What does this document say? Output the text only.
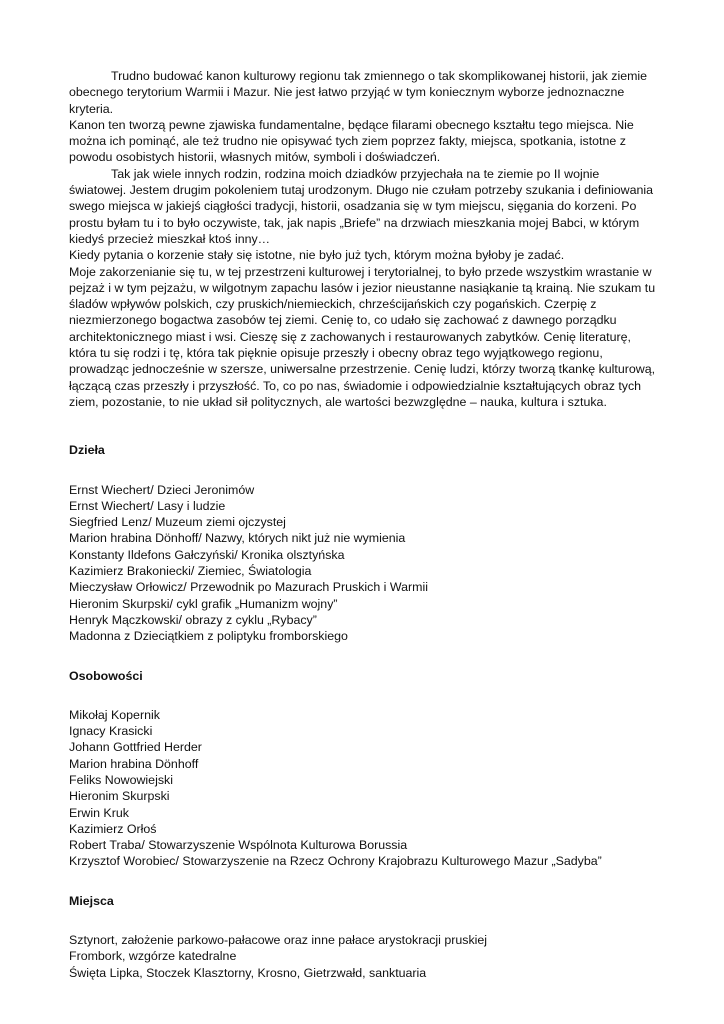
Trudno budować kanon kulturowy regionu tak zmiennego o tak skomplikowanej historii, jak ziemie obecnego terytorium Warmii i Mazur. Nie jest łatwo przyjąć w tym koniecznym wyborze jednoznaczne kryteria.

Kanon ten tworzą pewne zjawiska fundamentalne, będące filarami obecnego kształtu tego miejsca. Nie można ich pominąć, ale też trudno nie opisywać tych ziem poprzez fakty, miejsca, spotkania, istotne z powodu osobistych historii, własnych mitów, symboli i doświadczeń.

Tak jak wiele innych rodzin, rodzina moich dziadków przyjechała na te ziemie po II wojnie światowej. Jestem drugim pokoleniem tutaj urodzonym. Długo nie czułam potrzeby szukania i definiowania swego miejsca w jakiejś ciągłości tradycji, historii, osadzania się w tym miejscu, sięgania do korzeni. Po prostu byłam tu i to było oczywiste, tak, jak napis „Briefe” na drzwiach mieszkania mojej Babci, w którym kiedyś przecież mieszkał ktoś inny…

Kiedy pytania o korzenie stały się istotne, nie było już tych, którym można byłoby je zadać.

Moje zakorzenianie się tu, w tej przestrzeni kulturowej i terytorialnej, to było przede wszystkim wrastanie w pejzaż i w tym pejzażu, w wilgotnym zapachu lasów i jezior nieustanne nasiąkanie tą krainą. Nie szukam tu śladów wpływów polskich, czy pruskich/niemieckich, chrześcijańskich czy pogańskich. Czerpię z niezmierzonego bogactwa zasobów tej ziemi. Cenię to, co udało się zachować z dawnego porządku architektonicznego miast i wsi. Cieszę się z zachowanych i restaurowanych zabytków. Cenię literaturę, która tu się rodzi i tę, która tak pięknie opisuje przeszły i obecny obraz tego wyjątkowego regionu, prowadząc jednocześnie w szersze, uniwersalne przestrzenie. Cenię ludzi, którzy tworzą tkankę kulturową, łączącą czas przeszły i przyszłość. To, co po nas, świadomie i odpowiedzialnie kształtujących obraz tych ziem, pozostanie, to nie układ sił politycznych, ale wartości bezwzględne – nauka, kultura i sztuka.

Dzieła
Ernst Wiechert/ Dzieci Jeronimów
Ernst Wiechert/ Lasy i ludzie
Siegfried Lenz/ Muzeum ziemi ojczystej
Marion hrabina Dönhoff/ Nazwy, których nikt już nie wymienia
Konstanty Ildefons Gałczyński/ Kronika olsztyńska
Kazimierz Brakoniecki/ Ziemiec, Światologia
Mieczysław Orłowicz/ Przewodnik po Mazurach Pruskich i Warmii
Hieronim Skurpski/ cykl grafik „Humanizm wojny”
Henryk Mączkowski/ obrazy z cyklu „Rybacy”
Madonna z Dzieciątkiem z poliptyku fromborskiego
Osobowości
Mikołaj Kopernik
Ignacy Krasicki
Johann Gottfried Herder
Marion hrabina Dönhoff
Feliks Nowowiejski
Hieronim Skurpski
Erwin Kruk
Kazimierz Orłoś
Robert Traba/ Stowarzyszenie Wspólnota Kulturowa Borussia
Krzysztof Worobiec/ Stowarzyszenie na Rzecz Ochrony Krajobrazu Kulturowego Mazur „Sadyba”
Miejsca
Sztynort, założenie parkowo-pałacowe oraz inne pałace arystokracji pruskiej
Frombork, wzgórze katedralne
Święta Lipka, Stoczek Klasztorny, Krosno, Gietrzwałd, sanktuaria
